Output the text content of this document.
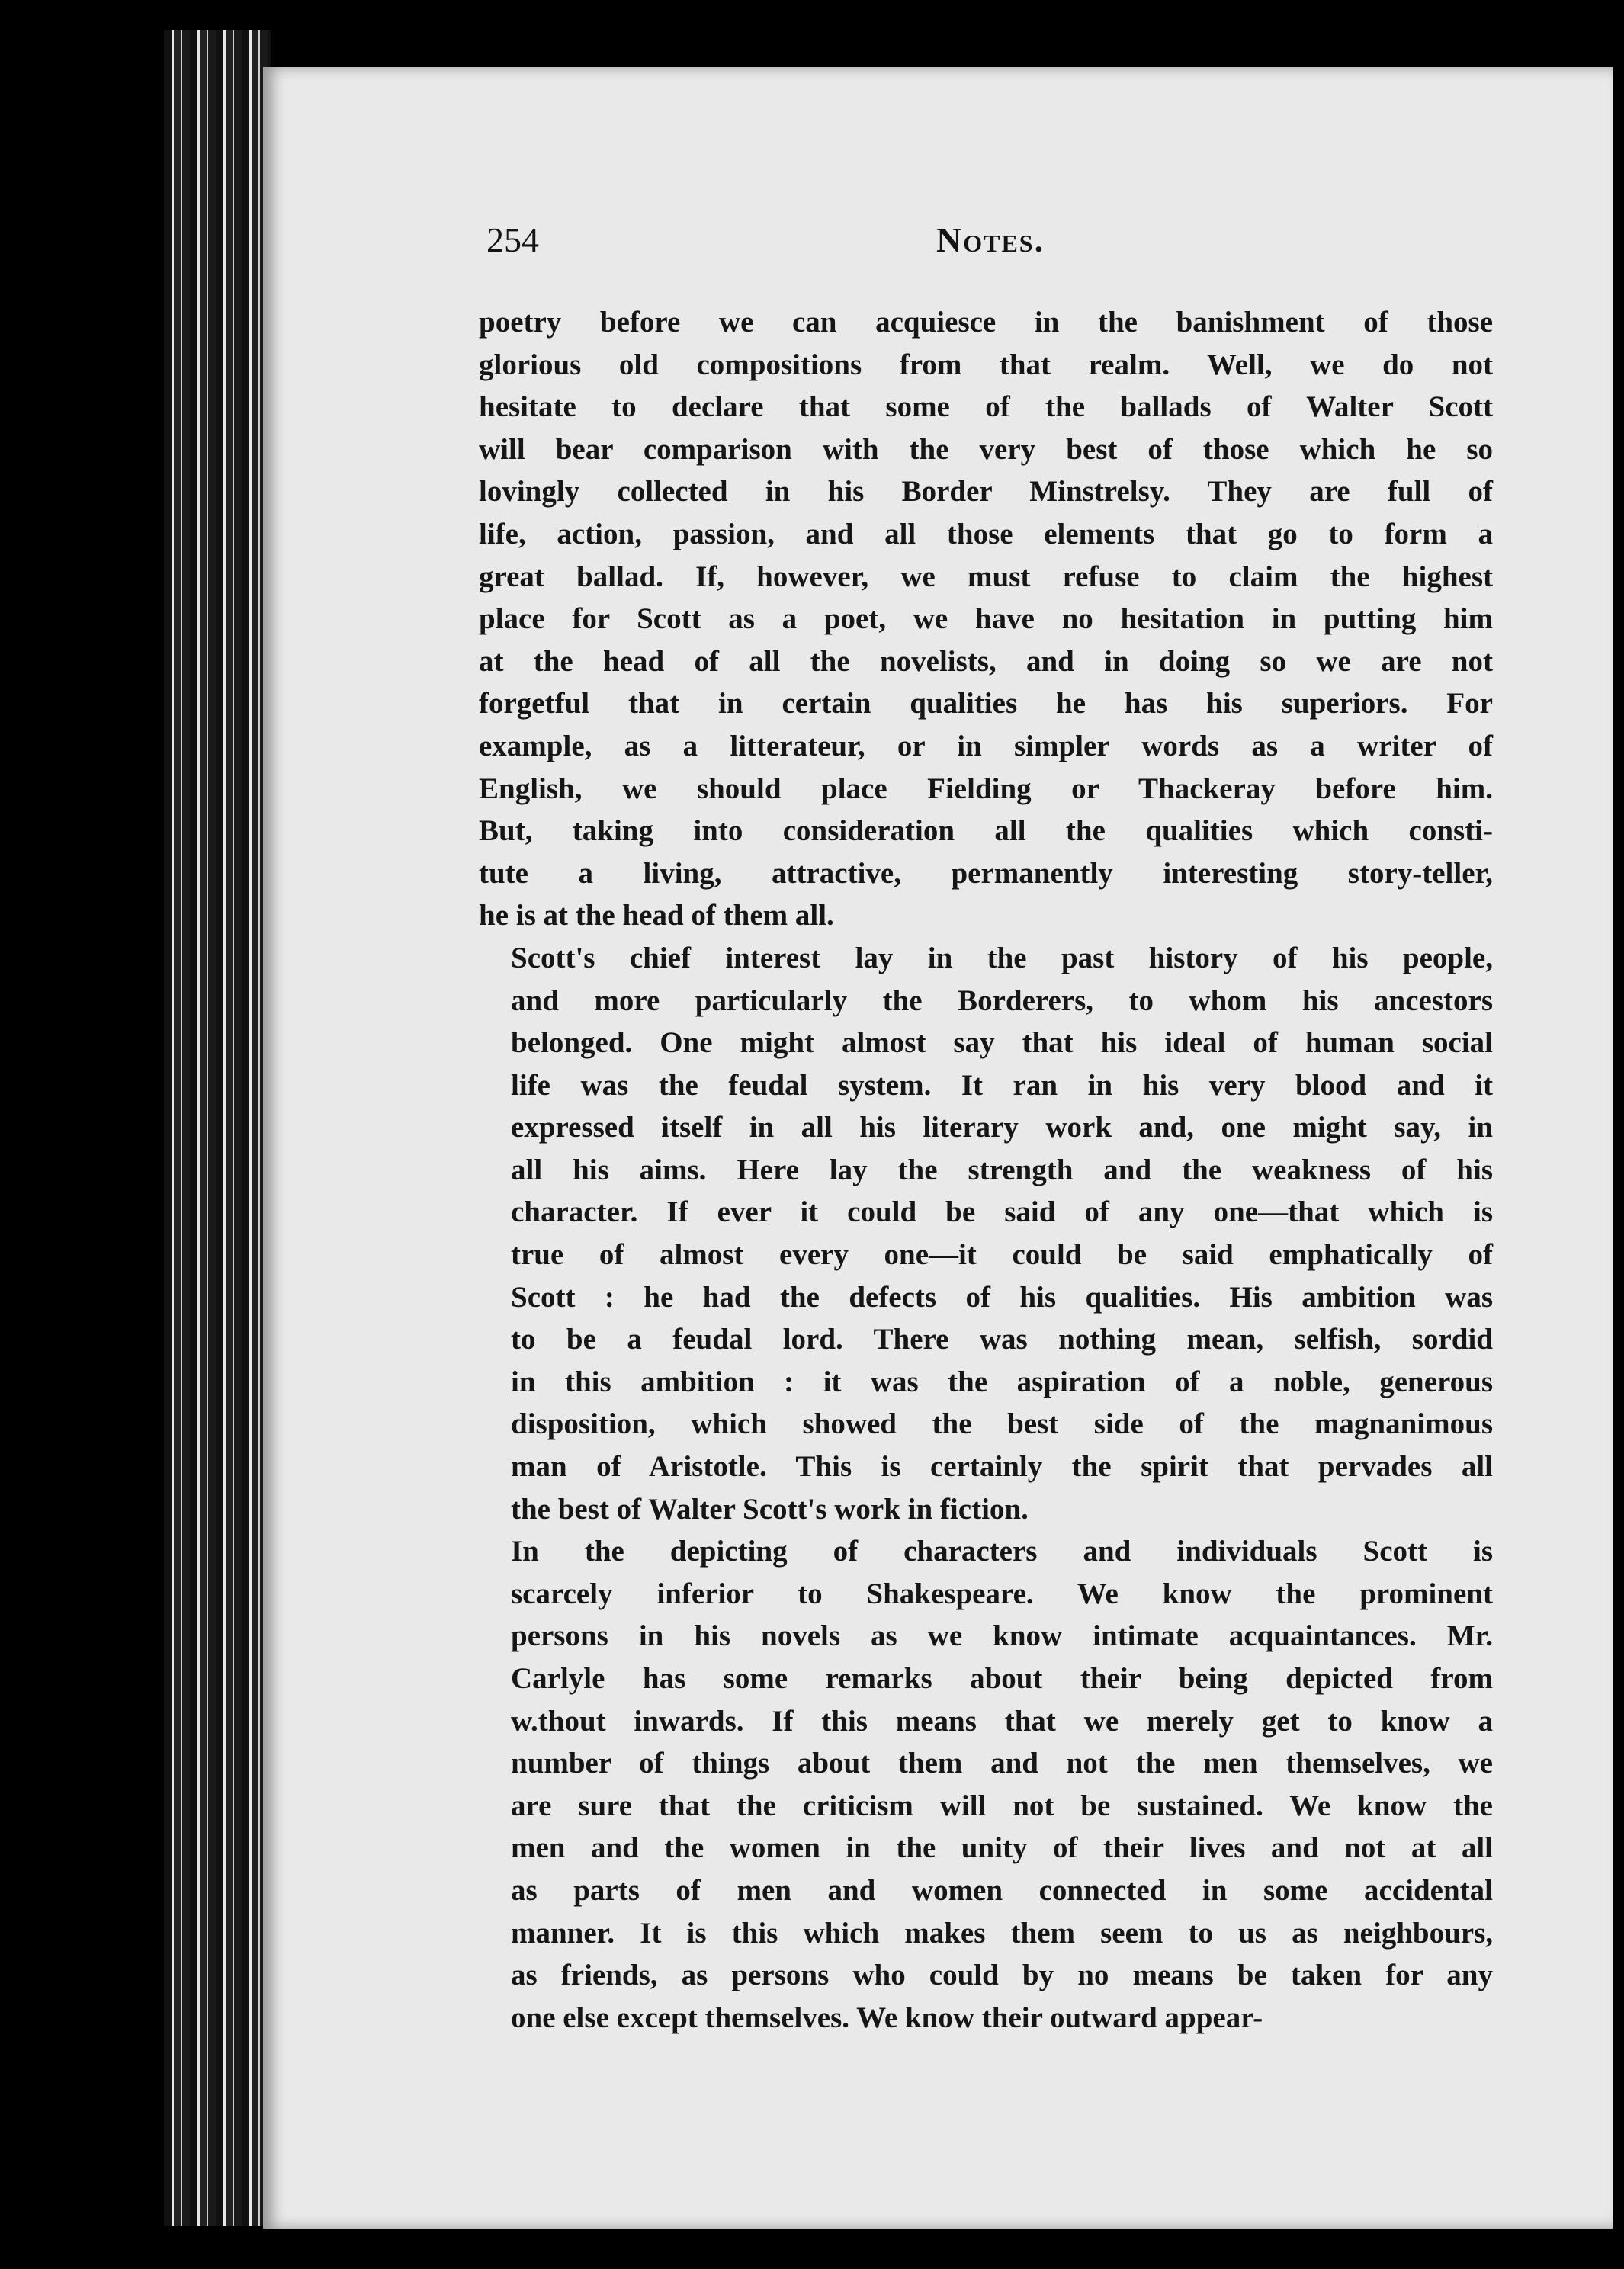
254	Notes.

poetry before we can acquiesce in the banishment of those
glorious old compositions from that realm. Well, we do not
hesitate to declare that some of the ballads of Walter Scott
will bear comparison with the very best of those which he so
lovingly collected in his Border Minstrelsy. They are full of
life, action, passion, and all those elements that go to form a
great ballad. If, however, we must refuse to claim the highest
place for Scott as a poet, we have no hesitation in putting him
at the head of all the novelists, and in doing so we are not
forgetful that in certain qualities he has his superiors. For
example, as a litterateur, or in simpler words as a writer of
English, we should place Fielding or Thackeray before him.
But, taking into consideration all the qualities which consti-
tute a living, attractive, permanently interesting story-teller,
he is at the head of them all.

Scott's chief interest lay in the past history of his people,
and more particularly the Borderers, to whom his ancestors
belonged. One might almost say that his ideal of human social
life was the feudal system. It ran in his very blood and it
expressed itself in all his literary work and, one might say, in
all his aims. Here lay the strength and the weakness of his
character. If ever it could be said of any one—that which is
true of almost every one—it could be said emphatically of
Scott : he had the defects of his qualities. His ambition was
to be a feudal lord. There was nothing mean, selfish, sordid
in this ambition : it was the aspiration of a noble, generous
disposition, which showed the best side of the magnanimous
man of Aristotle. This is certainly the spirit that pervades all
the best of Walter Scott's work in fiction.

In the depicting of characters and individuals Scott is
scarcely inferior to Shakespeare. We know the prominent
persons in his novels as we know intimate acquaintances. Mr.
Carlyle has some remarks about their being depicted from
w.thout inwards. If this means that we merely get to know a
number of things about them and not the men themselves, we
are sure that the criticism will not be sustained. We know the
men and the women in the unity of their lives and not at all
as parts of men and women connected in some accidental
manner. It is this which makes them seem to us as neighbours,
as friends, as persons who could by no means be taken for any
one else except themselves. We know their outward appear-
